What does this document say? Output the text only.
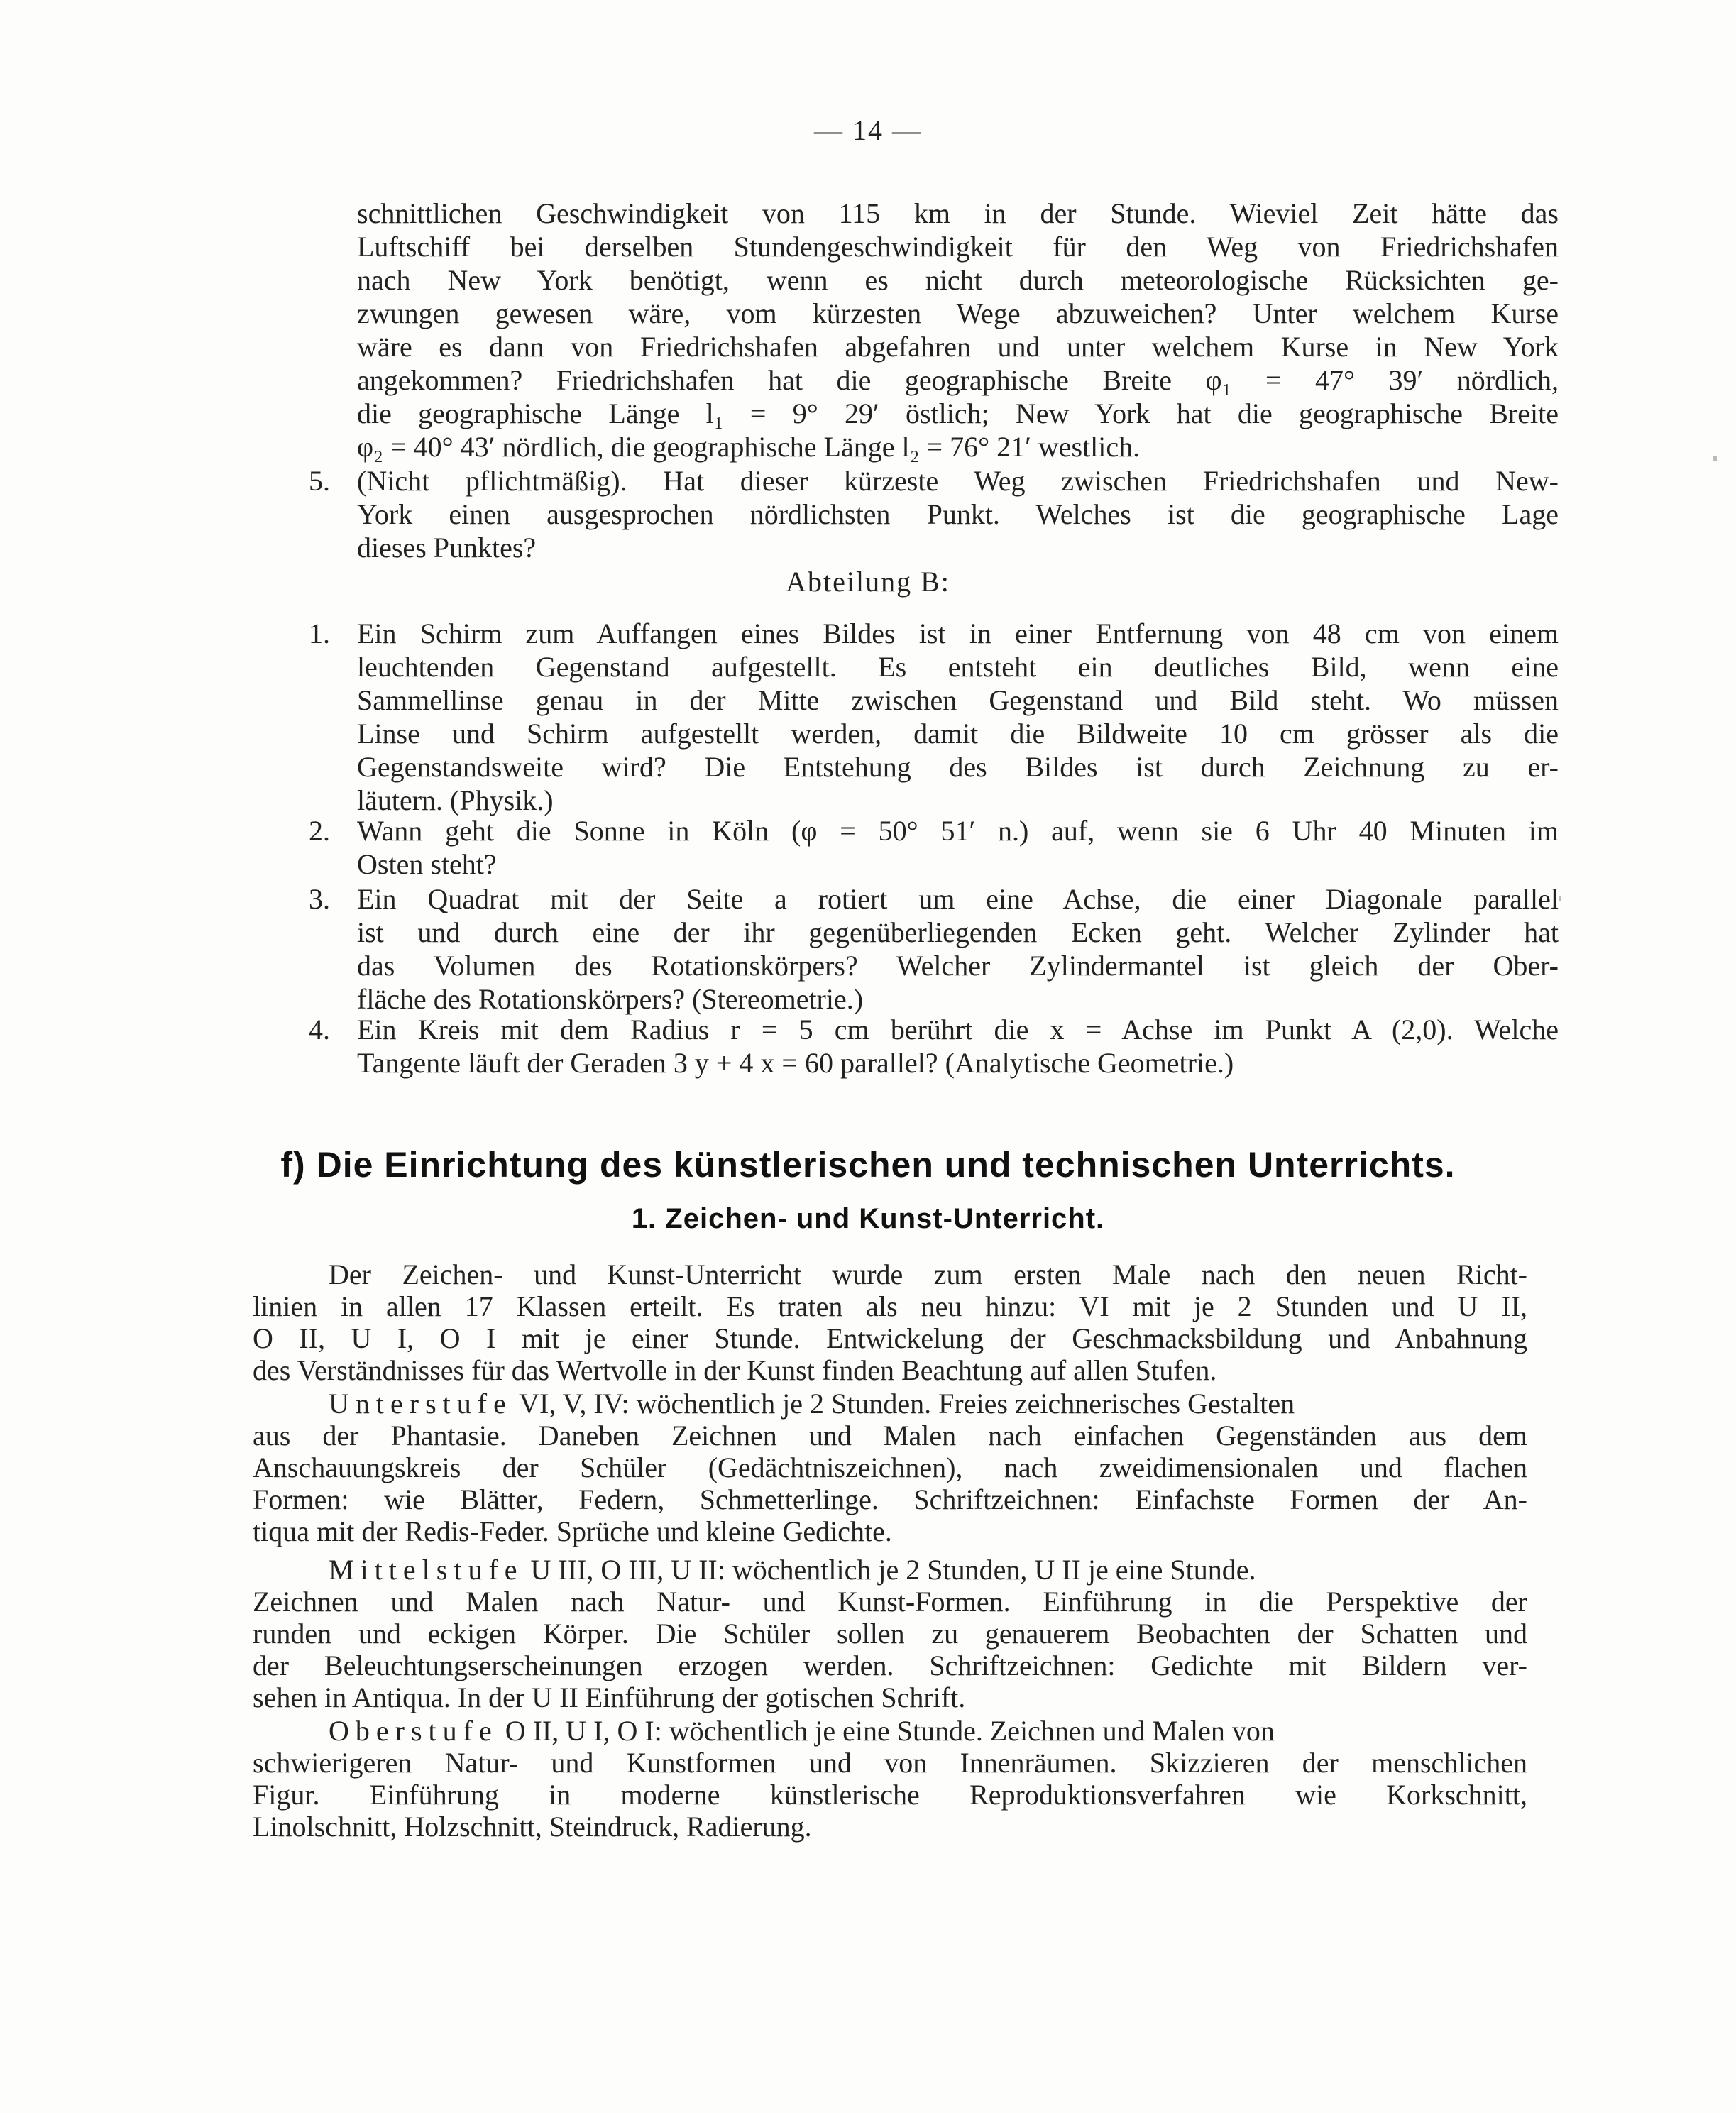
— 14 —
schnittlichen Geschwindigkeit von 115 km in der Stunde. Wieviel Zeit hätte das
Luftschiff bei derselben Stundengeschwindigkeit für den Weg von Friedrichshafen
nach New York benötigt, wenn es nicht durch meteorologische Rücksichten ge-
zwungen gewesen wäre, vom kürzesten Wege abzuweichen? Unter welchem Kurse
wäre es dann von Friedrichshafen abgefahren und unter welchem Kurse in New York
angekommen? Friedrichshafen hat die geographische Breite φ₁ = 47° 39′ nördlich,
die geographische Länge l₁ = 9° 29′ östlich; New York hat die geographische Breite
φ₂ = 40° 43′ nördlich, die geographische Länge l₂ = 76° 21′ westlich.
5. (Nicht pflichtmäßig). Hat dieser kürzeste Weg zwischen Friedrichshafen und New-
York einen ausgesprochen nördlichsten Punkt. Welches ist die geographische Lage
dieses Punktes?
Abteilung B:
1. Ein Schirm zum Auffangen eines Bildes ist in einer Entfernung von 48 cm von einem
leuchtenden Gegenstand aufgestellt. Es entsteht ein deutliches Bild, wenn eine
Sammellinse genau in der Mitte zwischen Gegenstand und Bild steht. Wo müssen
Linse und Schirm aufgestellt werden, damit die Bildweite 10 cm grösser als die
Gegenstandsweite wird? Die Entstehung des Bildes ist durch Zeichnung zu er-
läutern. (Physik.)
2. Wann geht die Sonne in Köln (φ = 50° 51′ n.) auf, wenn sie 6 Uhr 40 Minuten im
Osten steht?
3. Ein Quadrat mit der Seite a rotiert um eine Achse, die einer Diagonale parallel
ist und durch eine der ihr gegenüberliegenden Ecken geht. Welcher Zylinder hat
das Volumen des Rotationskörpers? Welcher Zylindermantel ist gleich der Ober-
fläche des Rotationskörpers? (Stereometrie.)
4. Ein Kreis mit dem Radius r = 5 cm berührt die x = Achse im Punkt A (2,0). Welche
Tangente läuft der Geraden 3 y + 4 x = 60 parallel? (Analytische Geometrie.)
f) Die Einrichtung des künstlerischen und technischen Unterrichts.
1. Zeichen- und Kunst-Unterricht.
Der Zeichen- und Kunst-Unterricht wurde zum ersten Male nach den neuen Richt-
linien in allen 17 Klassen erteilt. Es traten als neu hinzu: VI mit je 2 Stunden und U II,
O II, U I, O I mit je einer Stunde. Entwickelung der Geschmacksbildung und Anbahnung
des Verständnisses für das Wertvolle in der Kunst finden Beachtung auf allen Stufen.
Unterstufe VI, V, IV: wöchentlich je 2 Stunden. Freies zeichnerisches Gestalten
aus der Phantasie. Daneben Zeichnen und Malen nach einfachen Gegenständen aus dem
Anschauungskreis der Schüler (Gedächtniszeichnen), nach zweidimensionalen und flachen
Formen: wie Blätter, Federn, Schmetterlinge. Schriftzeichnen: Einfachste Formen der An-
tiqua mit der Redis-Feder. Sprüche und kleine Gedichte.
Mittelstufe U III, O III, U II: wöchentlich je 2 Stunden, U II je eine Stunde.
Zeichnen und Malen nach Natur- und Kunst-Formen. Einführung in die Perspektive der
runden und eckigen Körper. Die Schüler sollen zu genauerem Beobachten der Schatten und
der Beleuchtungserscheinungen erzogen werden. Schriftzeichnen: Gedichte mit Bildern ver-
sehen in Antiqua. In der U II Einführung der gotischen Schrift.
Oberstufe O II, U I, O I: wöchentlich je eine Stunde. Zeichnen und Malen von
schwierigeren Natur- und Kunstformen und von Innenräumen. Skizzieren der menschlichen
Figur. Einführung in moderne künstlerische Reproduktionsverfahren wie Korkschnitt,
Linolschnitt, Holzschnitt, Steindruck, Radierung.
